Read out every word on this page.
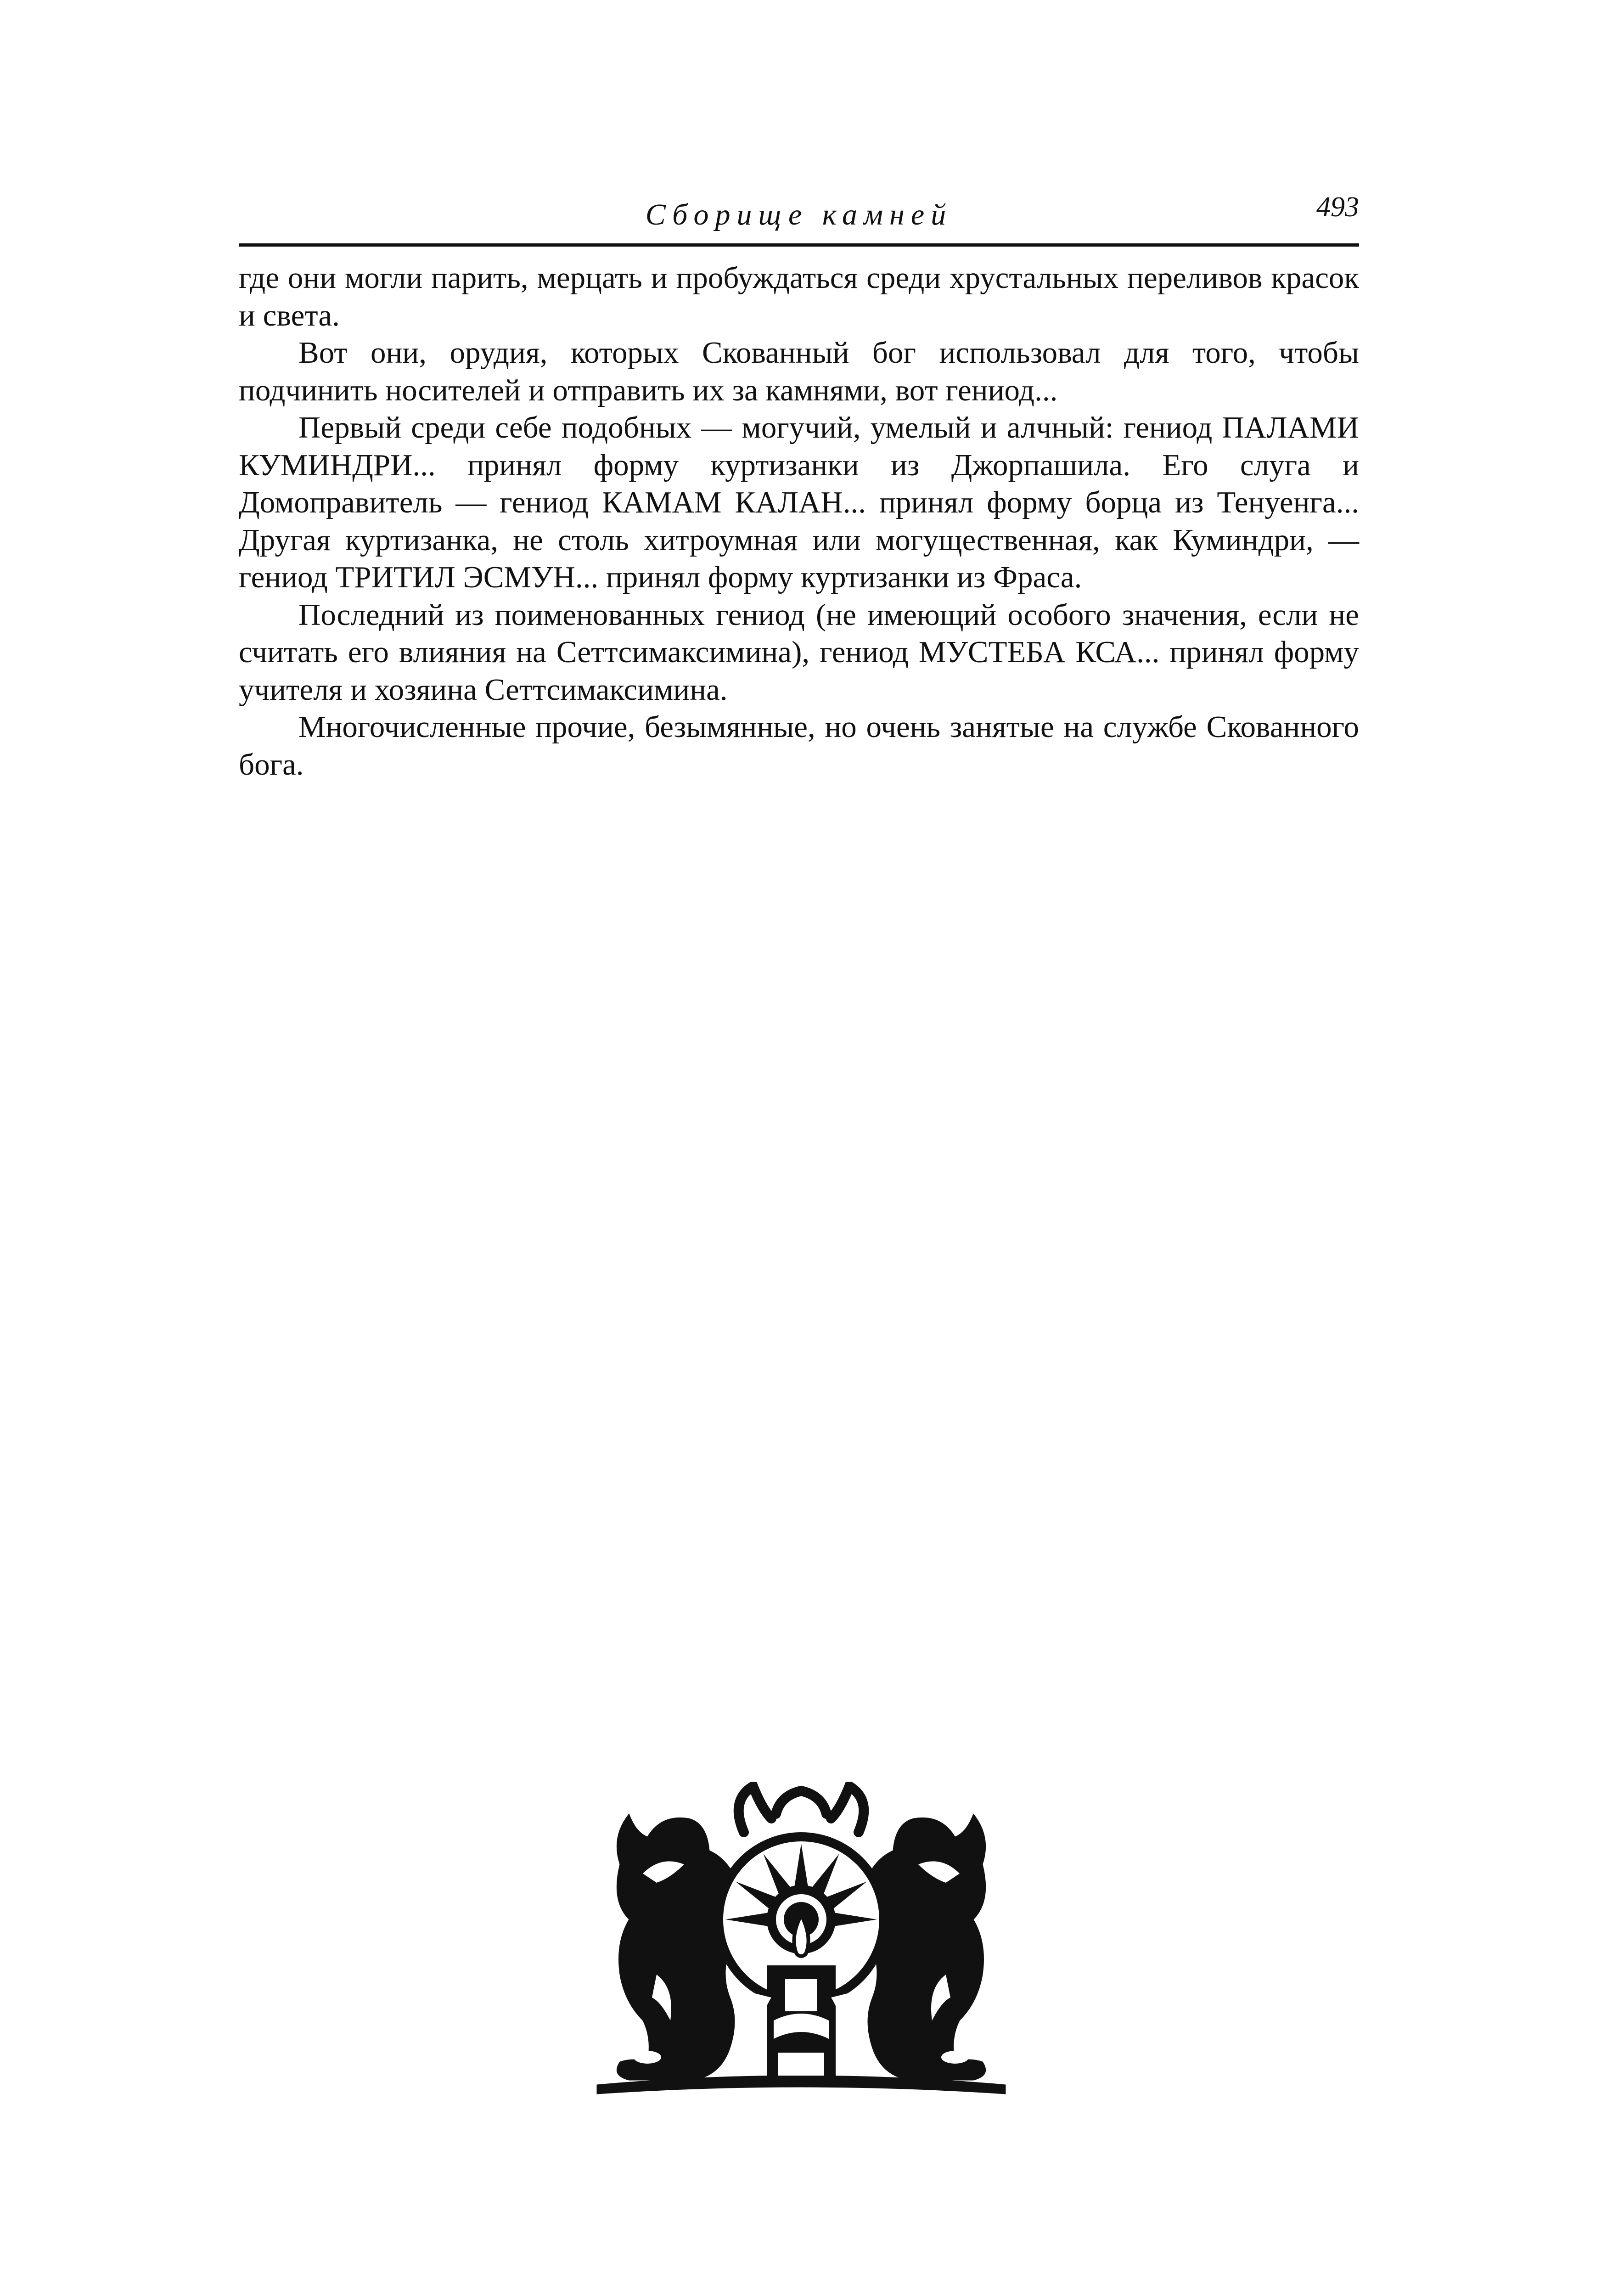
Сборище камней	493

где они могли парить, мерцать и пробуждаться среди хрустальных переливов красок и света.

Вот они, орудия, которых Скованный бог использовал для того, чтобы подчинить носителей и отправить их за камнями, вот гениод...

Первый среди себе подобных — могучий, умелый и алчный: гениод ПАЛАМИ КУМИНДРИ... принял форму куртизанки из Джорпашила. Его слуга и Домоправитель — гениод КАМАМ КАЛАН... принял форму борца из Тенуенга... Другая куртизанка, не столь хитроумная или могущественная, как Куминдри, — гениод ТРИТИЛ ЭСМУН... принял форму куртизанки из Фраса.

Последний из поименованных гениод (не имеющий особого значения, если не считать его влияния на Сеттсимаксимина), гениод МУСТЕБА КСА... принял форму учителя и хозяина Сеттсимаксимина.

Многочисленные прочие, безымянные, но очень занятые на службе Скованного бога.
